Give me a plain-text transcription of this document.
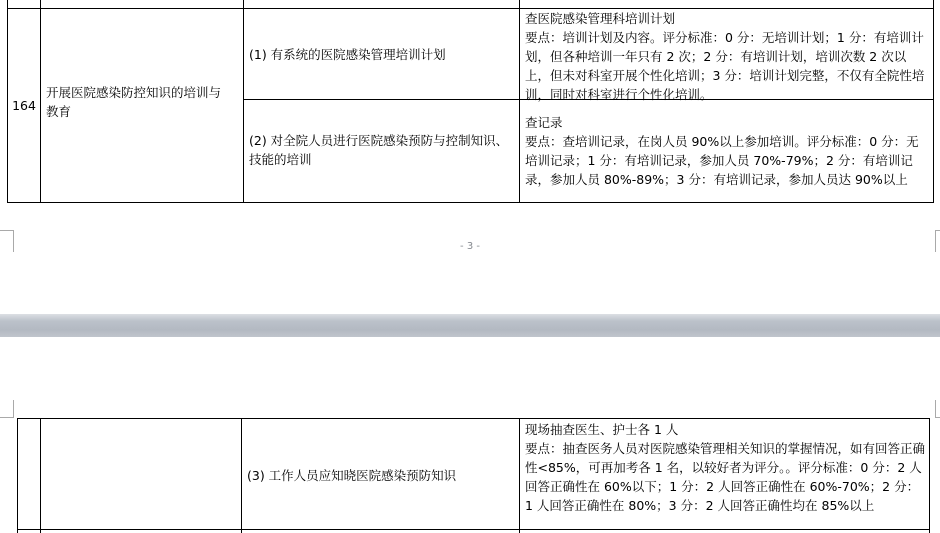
164
开展医院感染防控知识的培训与教育
(1) 有系统的医院感染管理培训计划
查医院感染管理科培训计划
要点：培训计划及内容。评分标准：0 分：无培训计划；1 分：有培训计划，但各种培训一年只有 2 次；2 分：有培训计划，培训次数 2 次以上，但未对科室开展个性化培训；3 分：培训计划完整，不仅有全院性培训，同时对科室进行个性化培训。
(2) 对全院人员进行医院感染预防与控制知识、技能的培训
查记录
要点：查培训记录，在岗人员 90%以上参加培训。评分标准：0 分：无培训记录；1 分：有培训记录，参加人员 70%-79%；2 分：有培训记录，参加人员 80%-89%；3 分：有培训记录，参加人员达 90%以上
- 3 -
(3) 工作人员应知晓医院感染预防知识
现场抽查医生、护士各 1 人
要点：抽查医务人员对医院感染管理相关知识的掌握情况，如有回答正确性<85%，可再加考各 1 名，以较好者为评分。。评分标准：0 分：2 人回答正确性在 60%以下；1 分：2 人回答正确性在 60%-70%；2 分：1 人回答正确性在 80%；3 分：2 人回答正确性均在 85%以上
